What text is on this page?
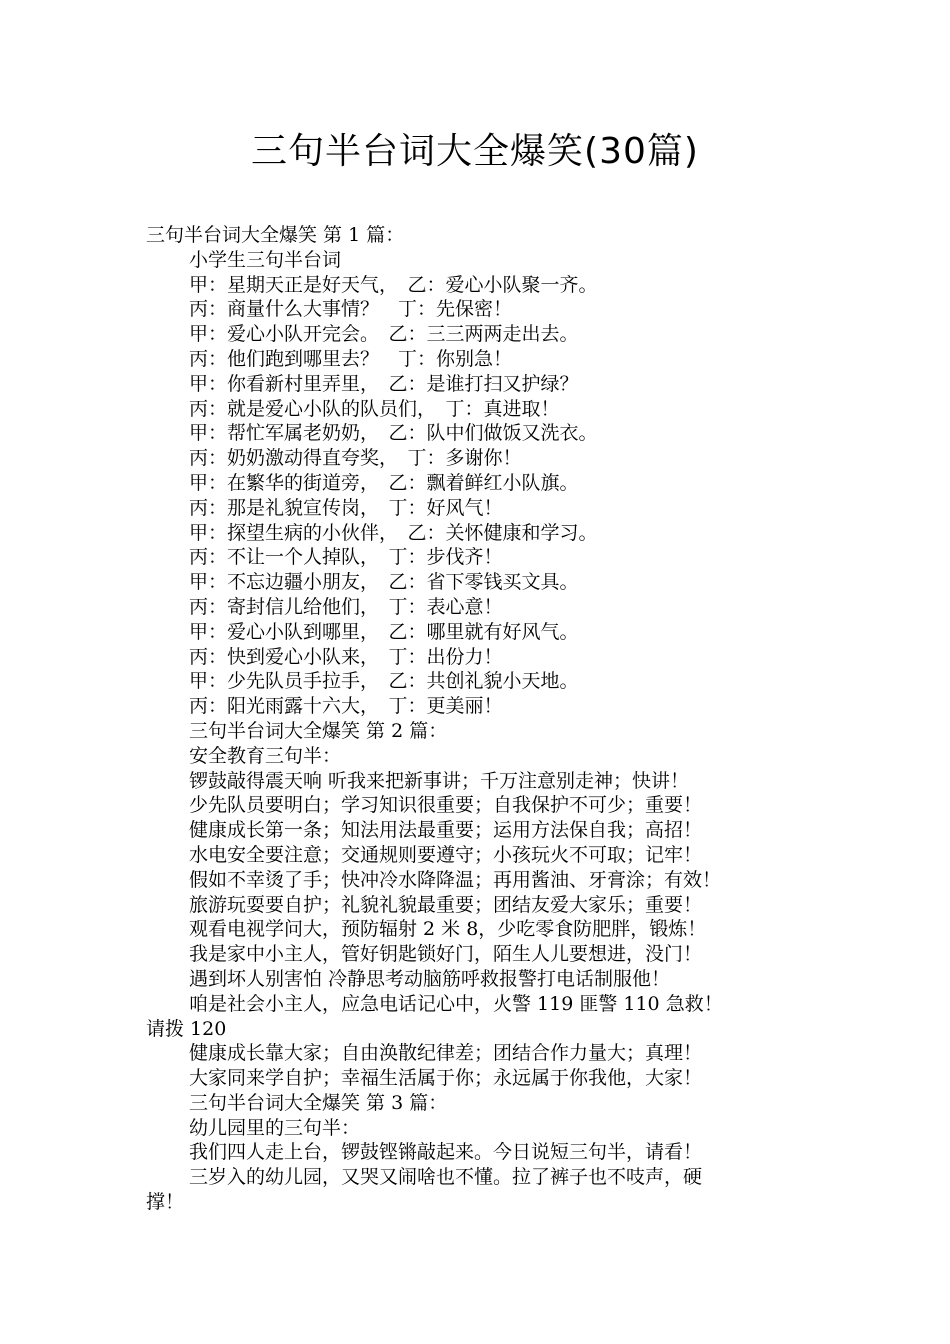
三句半台词大全爆笑(30篇)
三句半台词大全爆笑 第 1 篇：
小学生三句半台词
甲：星期天正是好天气，　乙：爱心小队聚一齐。
丙：商量什么大事情？　丁：先保密！
甲：爱心小队开完会。　乙：三三两两走出去。
丙：他们跑到哪里去？　丁：你别急！
甲：你看新村里弄里，　乙：是谁打扫又护绿？
丙：就是爱心小队的队员们，　丁：真进取！
甲：帮忙军属老奶奶，　乙：队中们做饭又洗衣。
丙：奶奶激动得直夸奖，　丁：多谢你！
甲：在繁华的街道旁，　乙：飘着鲜红小队旗。
丙：那是礼貌宣传岗，　丁：好风气！
甲：探望生病的小伙伴，　乙：关怀健康和学习。
丙：不让一个人掉队，　丁：步伐齐！
甲：不忘边疆小朋友，　乙：省下零钱买文具。
丙：寄封信儿给他们，　丁：表心意！
甲：爱心小队到哪里，　乙：哪里就有好风气。
丙：快到爱心小队来，　丁：出份力！
甲：少先队员手拉手，　乙：共创礼貌小天地。
丙：阳光雨露十六大，　丁：更美丽！
三句半台词大全爆笑 第 2 篇：
安全教育三句半：
锣鼓敲得震天响 听我来把新事讲；千万注意别走神；快讲！
少先队员要明白；学习知识很重要；自我保护不可少；重要！
健康成长第一条；知法用法最重要；运用方法保自我；高招！
水电安全要注意；交通规则要遵守；小孩玩火不可取；记牢！
假如不幸烫了手；快冲冷水降降温；再用酱油、牙膏涂；有效！
旅游玩耍要自护；礼貌礼貌最重要；团结友爱大家乐；重要！
观看电视学问大，预防辐射 2 米 8，少吃零食防肥胖，锻炼！
我是家中小主人，管好钥匙锁好门，陌生人儿要想进，没门！
遇到坏人别害怕 冷静思考动脑筋呼救报警打电话制服他！
咱是社会小主人，应急电话记心中，火警 119 匪警 110 急救！
请拨 120
健康成长靠大家；自由涣散纪律差；团结合作力量大；真理！
大家同来学自护；幸福生活属于你；永远属于你我他，大家！
三句半台词大全爆笑 第 3 篇：
幼儿园里的三句半：
我们四人走上台，锣鼓铿锵敲起来。今日说短三句半，请看！
三岁入的幼儿园，又哭又闹啥也不懂。拉了裤子也不吱声，硬
撑！
